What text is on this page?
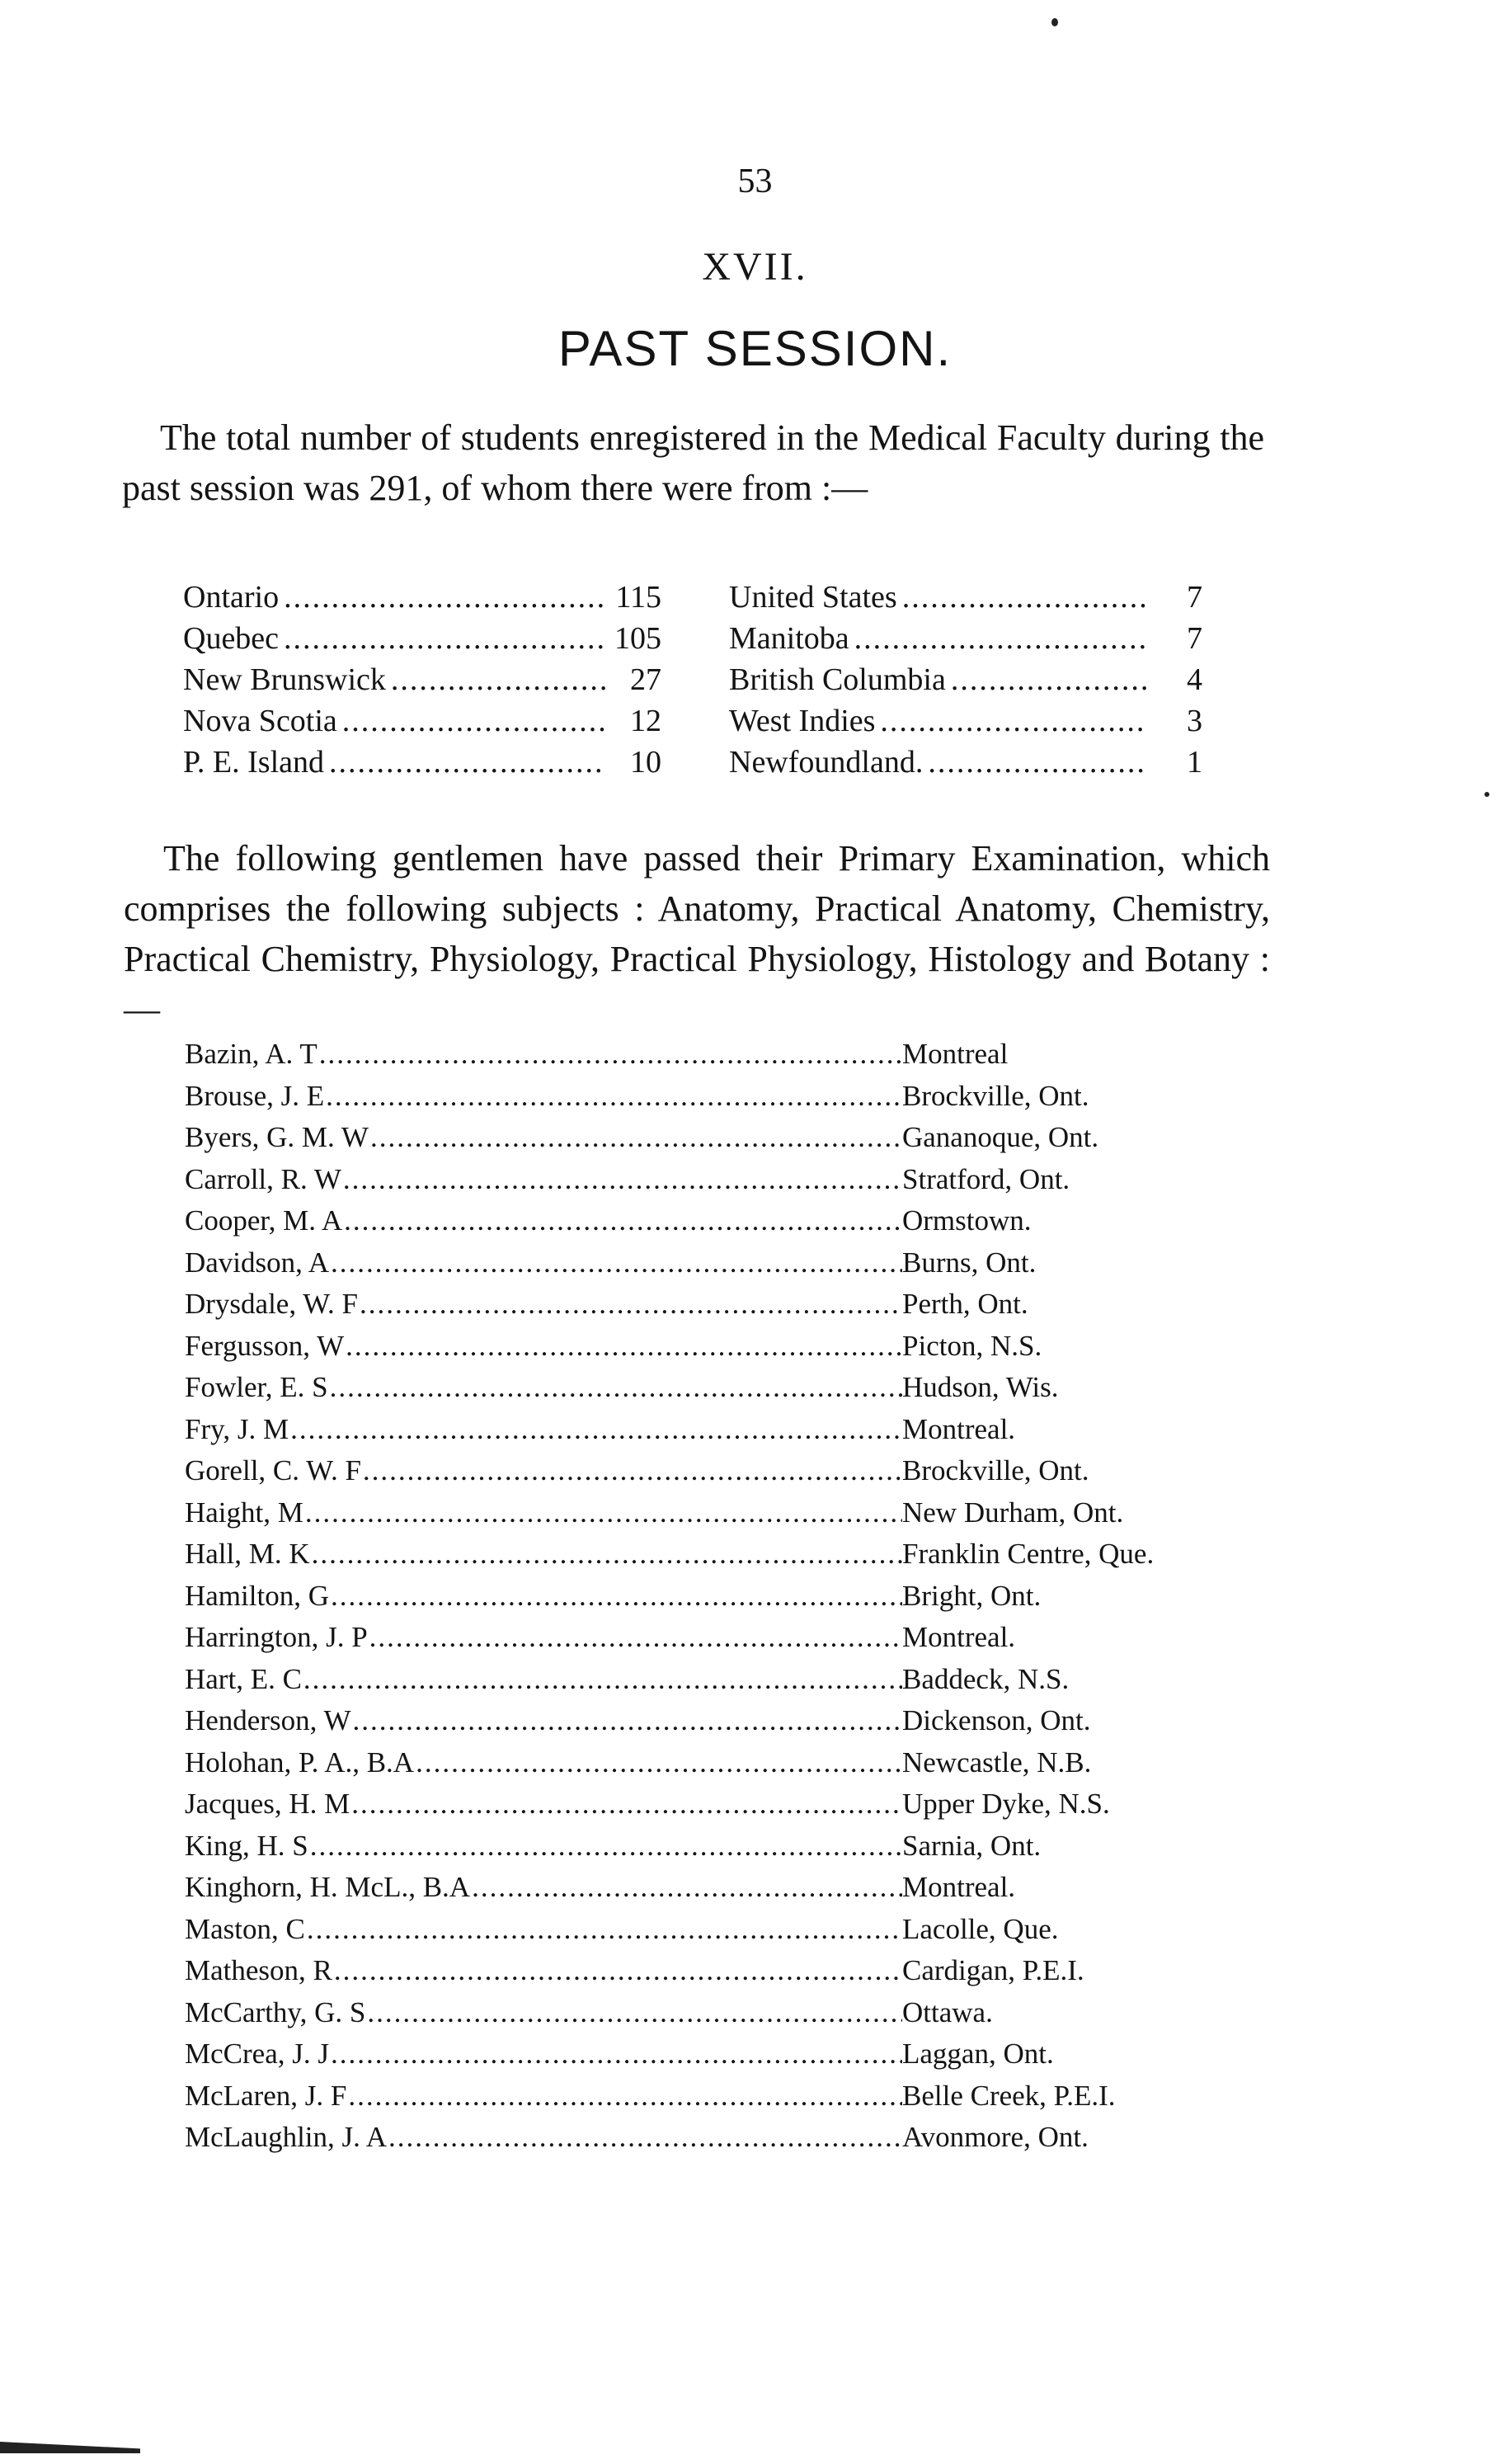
53
XVII.
PAST SESSION.

The total number of students enregistered in the Medical Faculty during the past session was 291, of whom there were from :—

Ontario .....	115
Quebec .....	105
New Brunswick .....	27
Nova Scotia .....	12
P. E. Island .....	10
United States .....	7
Manitoba .....	7
British Columbia .....	4
West Indies .....	3
Newfoundland. .....	1

The following gentlemen have passed their Primary Examination, which comprises the following subjects : Anatomy, Practical Anatomy, Chemistry, Practical Chemistry, Physiology, Practical Physiology, Histology and Botany :—

Bazin, A. T .....	Montreal
Brouse, J. E .....	Brockville, Ont.
Byers, G. M. W .....	Gananoque, Ont.
Carroll, R. W .....	Stratford, Ont.
Cooper, M. A .....	Ormstown.
Davidson, A .....	Burns, Ont.
Drysdale, W. F .....	Perth, Ont.
Fergusson, W .....	Picton, N.S.
Fowler, E. S .....	Hudson, Wis.
Fry, J. M .....	Montreal.
Gorell, C. W. F .....	Brockville, Ont.
Haight, M .....	New Durham, Ont.
Hall, M. K .....	Franklin Centre, Que.
Hamilton, G .....	Bright, Ont.
Harrington, J. P .....	Montreal.
Hart, E. C .....	Baddeck, N.S.
Henderson, W .....	Dickenson, Ont.
Holohan, P. A., B.A .....	Newcastle, N.B.
Jacques, H. M .....	Upper Dyke, N.S.
King, H. S .....	Sarnia, Ont.
Kinghorn, H. McL., B.A .....	Montreal.
Maston, C .....	Lacolle, Que.
Matheson, R .....	Cardigan, P.E.I.
McCarthy, G. S .....	Ottawa.
McCrea, J. J .....	Laggan, Ont.
McLaren, J. F .....	Belle Creek, P.E.I.
McLaughlin, J. A .....	Avonmore, Ont.
